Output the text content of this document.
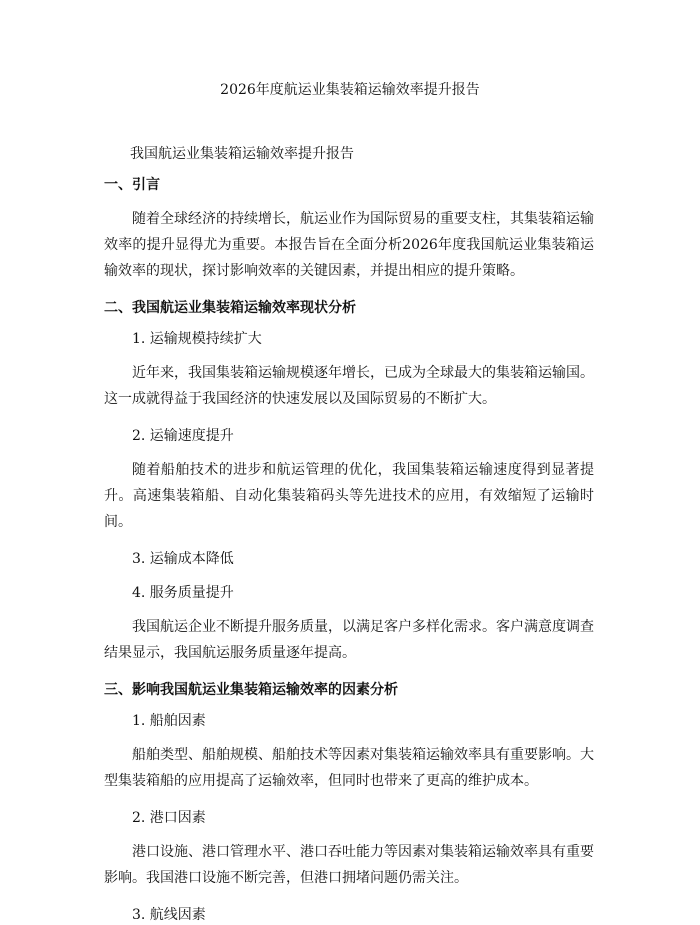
2026年度航运业集装箱运输效率提升报告
我国航运业集装箱运输效率提升报告
一、引言

随着全球经济的持续增长，航运业作为国际贸易的重要支柱，其集装箱运输效率的提升显得尤为重要。本报告旨在全面分析2026年度我国航运业集装箱运输效率的现状，探讨影响效率的关键因素，并提出相应的提升策略。

二、我国航运业集装箱运输效率现状分析
1. 运输规模持续扩大

近年来，我国集装箱运输规模逐年增长，已成为全球最大的集装箱运输国。这一成就得益于我国经济的快速发展以及国际贸易的不断扩大。

2. 运输速度提升

随着船舶技术的进步和航运管理的优化，我国集装箱运输速度得到显著提升。高速集装箱船、自动化集装箱码头等先进技术的应用，有效缩短了运输时间。

3. 运输成本降低
4. 服务质量提升

我国航运企业不断提升服务质量，以满足客户多样化需求。客户满意度调查结果显示，我国航运服务质量逐年提高。

三、影响我国航运业集装箱运输效率的因素分析
1. 船舶因素

船舶类型、船舶规模、船舶技术等因素对集装箱运输效率具有重要影响。大型集装箱船的应用提高了运输效率，但同时也带来了更高的维护成本。

2. 港口因素

港口设施、港口管理水平、港口吞吐能力等因素对集装箱运输效率具有重要影响。我国港口设施不断完善，但港口拥堵问题仍需关注。

3. 航线因素
